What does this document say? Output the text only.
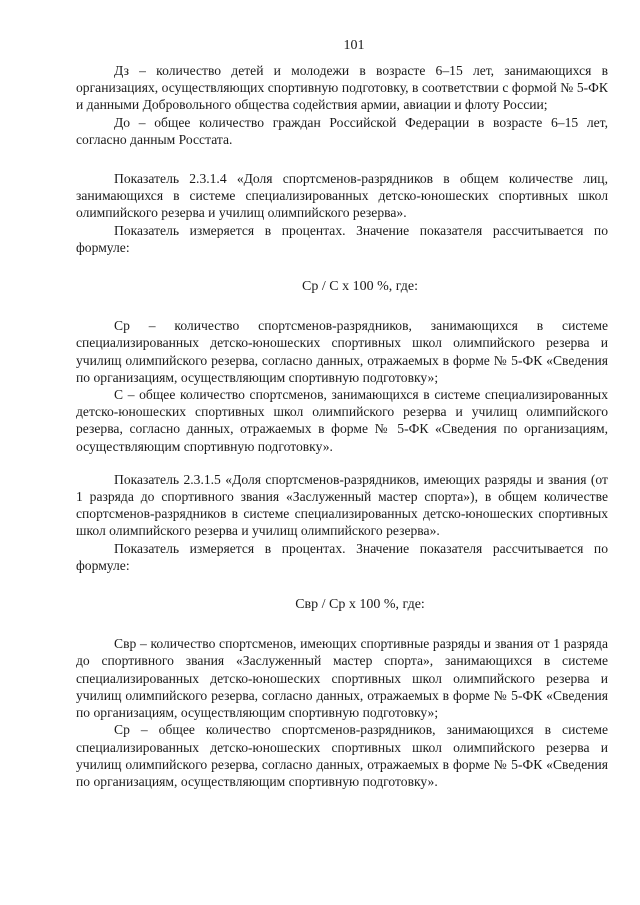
101

Дз – количество детей и молодежи в возрасте 6–15 лет, занимающихся в организациях, осуществляющих спортивную подготовку, в соответствии с формой № 5-ФК и данными Добровольного общества содействия армии, авиации и флоту России;

До – общее количество граждан Российской Федерации в возрасте 6–15 лет, согласно данным Росстата.

Показатель 2.3.1.4 «Доля спортсменов-разрядников в общем количестве лиц, занимающихся в системе специализированных детско-юношеских спортивных школ олимпийского резерва и училищ олимпийского резерва».

Показатель измеряется в процентах. Значение показателя рассчитывается по формуле:

Ср / С х 100 %, где:

Ср – количество спортсменов-разрядников, занимающихся в системе специализированных детско-юношеских спортивных школ олимпийского резерва и училищ олимпийского резерва, согласно данных, отражаемых в форме № 5-ФК «Сведения по организациям, осуществляющим спортивную подготовку»;

С – общее количество спортсменов, занимающихся в системе специализированных детско-юношеских спортивных школ олимпийского резерва и училищ олимпийского резерва, согласно данных, отражаемых в форме № 5-ФК «Сведения по организациям, осуществляющим спортивную подготовку».

Показатель 2.3.1.5 «Доля спортсменов-разрядников, имеющих разряды и звания (от 1 разряда до спортивного звания «Заслуженный мастер спорта»), в общем количестве спортсменов-разрядников в системе специализированных детско-юношеских спортивных школ олимпийского резерва и училищ олимпийского резерва».

Показатель измеряется в процентах. Значение показателя рассчитывается по формуле:

Свр / Ср х 100 %, где:

Свр – количество спортсменов, имеющих спортивные разряды и звания от 1 разряда до спортивного звания «Заслуженный мастер спорта», занимающихся в системе специализированных детско-юношеских спортивных школ олимпийского резерва и училищ олимпийского резерва, согласно данных, отражаемых в форме № 5-ФК «Сведения по организациям, осуществляющим спортивную подготовку»;

Ср – общее количество спортсменов-разрядников, занимающихся в системе специализированных детско-юношеских спортивных школ олимпийского резерва и училищ олимпийского резерва, согласно данных, отражаемых в форме № 5-ФК «Сведения по организациям, осуществляющим спортивную подготовку».
